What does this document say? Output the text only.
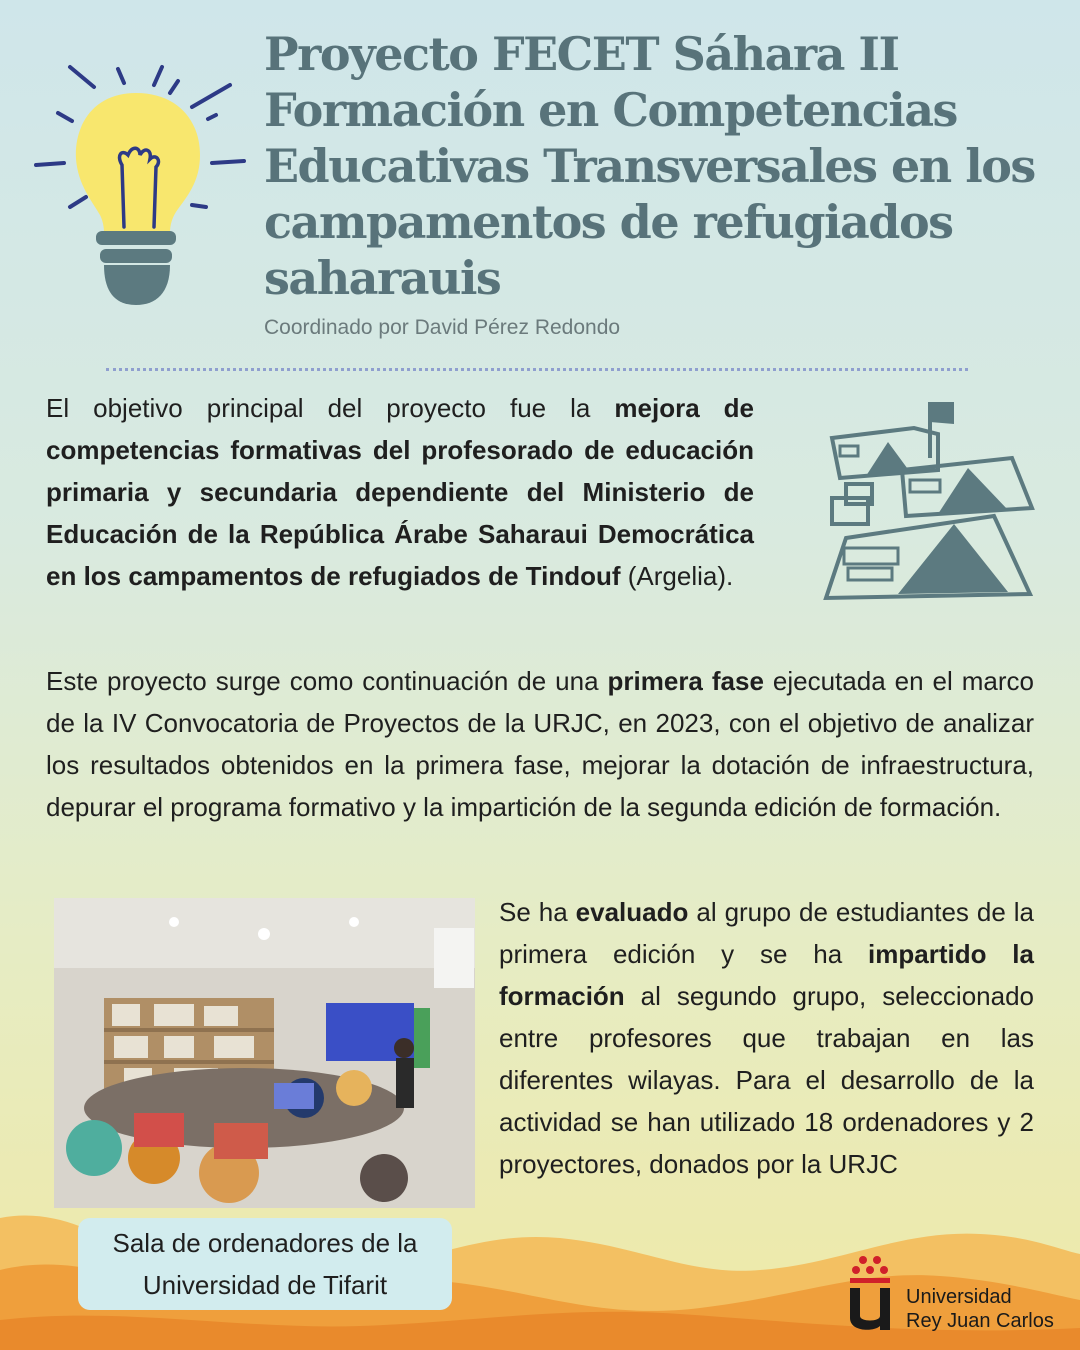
Proyecto FECET Sáhara II Formación en Competencias Educativas Transversales en los campamentos de refugiados saharauis
Coordinado por David Pérez Redondo
El objetivo principal del proyecto fue la mejora de competencias formativas del profesorado de educación primaria y secundaria dependiente del Ministerio de Educación de la República Árabe Saharaui Democrática en los campamentos de refugiados de Tindouf (Argelia).
Este proyecto surge como continuación de una primera fase ejecutada en el marco de la IV Convocatoria de Proyectos de la URJC, en 2023, con el objetivo de analizar los resultados obtenidos en la primera fase, mejorar la dotación de infraestructura, depurar el programa formativo y la impartición de la segunda edición de formación.
Sala de ordenadores de la Universidad de Tifarit
Se ha evaluado al grupo de estudiantes de la primera edición y se ha impartido la formación al segundo grupo, seleccionado entre profesores que trabajan en las diferentes wilayas. Para el desarrollo de la actividad se han utilizado 18 ordenadores y 2 proyectores, donados por la URJC
Universidad
Rey Juan Carlos
